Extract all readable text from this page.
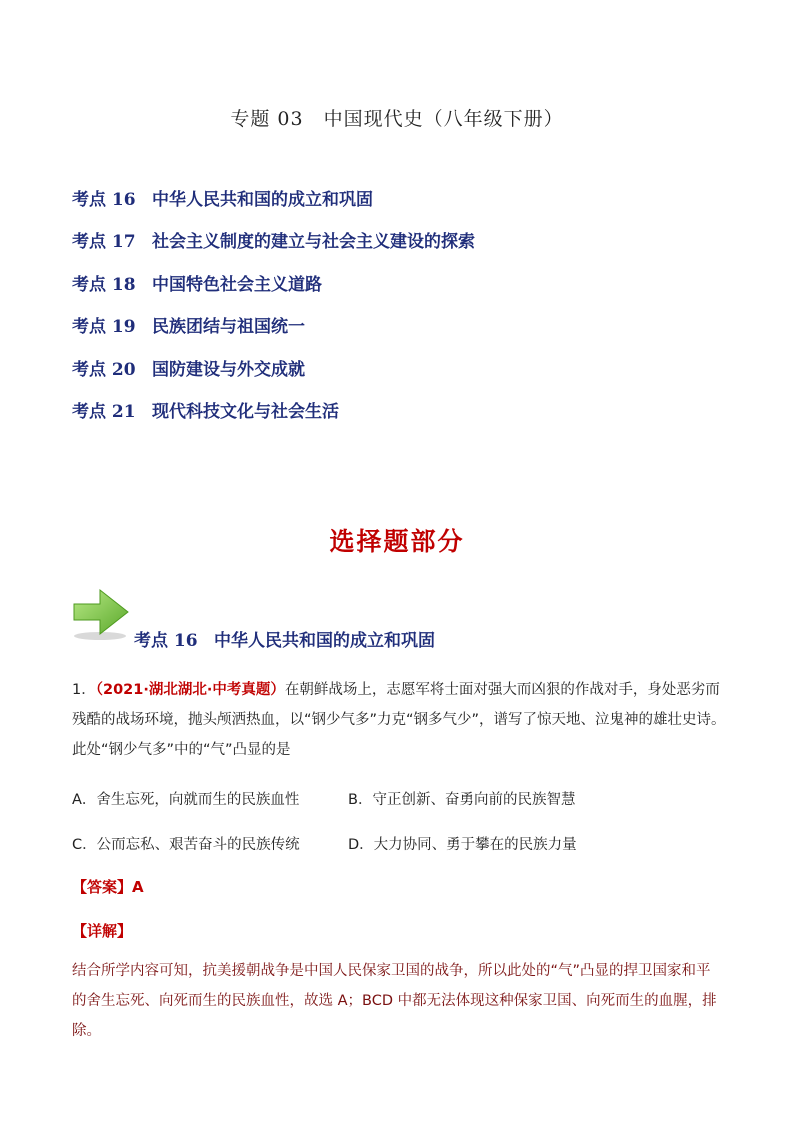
专题 03　中国现代史（八年级下册）
考点 16 中华人民共和国的成立和巩固
考点 17 社会主义制度的建立与社会主义建设的探索
考点 18 中国特色社会主义道路
考点 19 民族团结与祖国统一
考点 20 国防建设与外交成就
考点 21 现代科技文化与社会生活
选择题部分
考点 16 中华人民共和国的成立和巩固
1．（2021·湖北湖北·中考真题）在朝鲜战场上，志愿军将士面对强大而凶狠的作战对手，身处恶劣而
残酷的战场环境，抛头颅洒热血，以“钢少气多”力克“钢多气少”，谱写了惊天地、泣鬼神的雄壮史诗。
此处“钢少气多”中的“气”凸显的是
A．舍生忘死，向就而生的民族血性	B．守正创新、奋勇向前的民族智慧
C．公而忘私、艰苦奋斗的民族传统	D．大力协同、勇于攀在的民族力量
【答案】A
【详解】
结合所学内容可知，抗美援朝战争是中国人民保家卫国的战争，所以此处的“气”凸显的捍卫国家和平
的舍生忘死、向死而生的民族血性，故选 A；BCD 中都无法体现这种保家卫国、向死而生的血腥，排除。
